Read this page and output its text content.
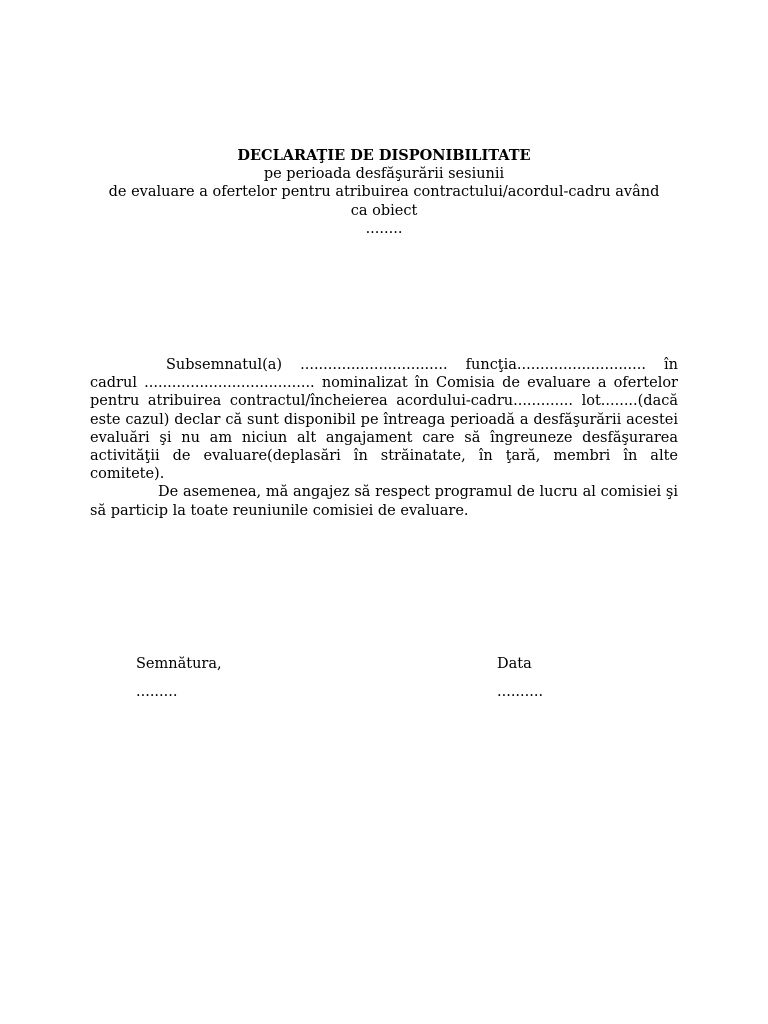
DECLARAŢIE DE DISPONIBILITATE
pe perioada desfăşurării sesiunii
de evaluare a ofertelor pentru atribuirea contractului/acordul-cadru având
ca obiect
........

Subsemnatul(a) ................................ funcţia............................ în cadrul ..................................... nominalizat în Comisia de evaluare a ofertelor pentru atribuirea contractul/încheierea acordului-cadru............. lot........(dacă este cazul) declar că sunt disponibil pe întreaga perioadă a desfăşurării acestei evaluări şi nu am niciun alt angajament care să îngreuneze desfăşurarea activităţii de evaluare(deplasări în străinatate, în ţară, membri în alte comitete).

De asemenea, mă angajez să respect programul de lucru al comisiei şi să particip la toate reuniunile comisiei de evaluare.

Semnătura,
.........
Data
..........
